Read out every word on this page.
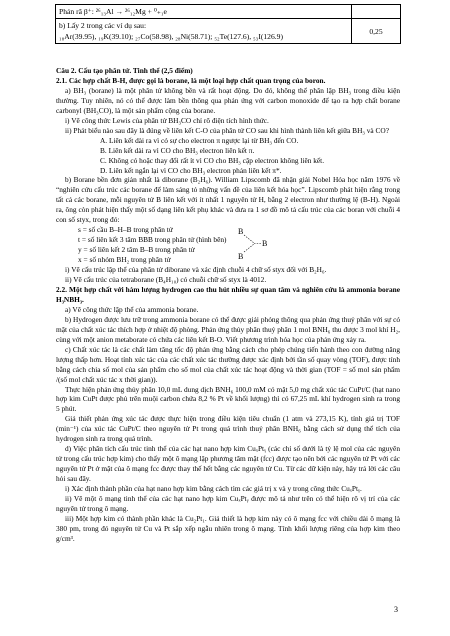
Phản rã β⁺: ²⁶₁₃Al → ²⁶₁₂Mg + ⁰₊₁e	

b) Lấy 2 trong các ví dụ sau:
₁₈Ar(39.95), ₁₉K(39.10); ₂₇Co(58.98), ₂₈Ni(58.71); ₅₂Te(127.6), ₅₃I(126.9)	0,25

Câu 2. Cấu tạo phân tử. Tinh thể (2,5 điểm)

2.1. Các hợp chất B-H, được gọi là borane, là một loại hợp chất quan trọng của boron.

a) BH₃ (borane) là một phân tử không bền và rất hoạt động. Do đó, không thể phân lập BH₃ trong điều kiện thường. Tuy nhiên, nó có thể được làm bền thông qua phản ứng với carbon monoxide để tạo ra hợp chất borane carbonyl (BH₃CO), là một sản phẩm cộng của borane.

i) Vẽ công thức Lewis của phân tử BH₃CO chỉ rõ điện tích hình thức.

ii) Phát biểu nào sau đây là đúng về liên kết C-O của phân tử CO sau khi hình thành liên kết giữa BH₃ và CO?

A. Liên kết dài ra vì có sự cho electron π ngược lại từ BH₃ đến CO.

B. Liên kết dài ra vì CO cho BH₃ electron liên kết π.

C. Không có hoặc thay đổi rất ít vì CO cho BH₃ cặp electron không liên kết.

D. Liên kết ngắn lại vì CO cho BH₃ electron phản liên kết π*.

b) Borane bền đơn giản nhất là diborane (B₂H₆). William Lipscomb đã nhận giải Nobel Hóa học năm 1976 về “nghiên cứu cấu trúc các borane để làm sáng tỏ những vấn đề của liên kết hóa học”. Lipscomb phát hiện rằng trong tất cả các borane, mỗi nguyên tử B liên kết với ít nhất 1 nguyên tử H, bằng 2 electron như thường lệ (B-H). Ngoài ra, ông còn phát hiện thấy một số dạng liên kết phụ khác và đưa ra 1 sơ đồ mô tả cấu trúc của các boran với chuỗi 4 con số styx, trong đó:

s = số cầu B–H–B trong phân tử

t = số liên kết 3 tâm BBB trong phân tử (hình bên)

y = số liên kết 2 tâm B–B trong phân tử

x = số nhóm BH₂ trong phân tử

B
B
B

i) Vẽ cấu trúc lập thể của phân tử diborane và xác định chuỗi 4 chữ số styx đối với B₂H₆.

ii) Vẽ cấu trúc của tetraborane (B₄H₁₀) có chuỗi chữ số styx là 4012.

2.2. Một hợp chất với hàm lượng hydrogen cao thu hút nhiều sự quan tâm và nghiên cứu là ammonia borane H₃NBH₃.

a) Vẽ công thức lập thể của ammonia borane.

b) Hydrogen được lưu trữ trong ammonia borane có thể được giải phóng thông qua phản ứng thuỷ phân với sự có mặt của chất xúc tác thích hợp ở nhiệt độ phòng. Phản ứng thủy phân thuỷ phân 1 mol BNH₆ thu được 3 mol khí H₂, cùng với một anion metaborate có chứa các liên kết B-O. Viết phương trình hóa học của phản ứng xảy ra.

c) Chất xúc tác là các chất làm tăng tốc độ phản ứng bằng cách cho phép chúng tiến hành theo con đường năng lượng thấp hơn. Hoạt tính xúc tác của các chất xúc tác thường được xác định bởi tần số quay vòng (TOF), được tính bằng cách chia số mol của sản phẩm cho số mol của chất xúc tác hoạt động và thời gian (TOF = số mol sản phẩm /(số mol chất xúc tác x thời gian)).

Thực hiện phản ứng thủy phân 10,0 mL dung dịch BNH₆ 100,0 mM có mặt 5,0 mg chất xúc tác CuPt/C (hạt nano hợp kim CuPt được phủ trên muội carbon chứa 8,2 % Pt về khối lượng) thì có 67,25 mL khí hydrogen sinh ra trong 5 phút.

Giả thiết phản ứng xúc tác được thực hiện trong điều kiện tiêu chuẩn (1 atm và 273,15 K), tính giá trị TOF (min⁻¹) của xúc tác CuPt/C theo nguyên tử Pt trong quá trình thuỷ phân BNH₆ bằng cách sử dụng thể tích của hydrogen sinh ra trong quá trình.

d) Việc phân tích cấu trúc tinh thể của các hạt nano hợp kim CuₓPtᵧ (các chỉ số dưới là tỷ lệ mol của các nguyên tử trong cấu trúc hợp kim) cho thấy một ô mạng lập phương tâm mặt (fcc) được tạo nên bởi các nguyên tử Pt với các nguyên tử Pt ở mặt của ô mạng fcc được thay thế hết bằng các nguyên tử Cu. Từ các dữ kiện này, hãy trả lời các câu hỏi sau đây.

i) Xác định thành phần của hạt nano hợp kim bằng cách tìm các giá trị x và y trong công thức CuₓPtᵧ.

ii) Vẽ một ô mạng tinh thể của các hạt nano hợp kim CuₓPtᵧ được mô tả như trên có thể hiện rõ vị trí của các nguyên tử trong ô mạng.

iii) Một hợp kim có thành phần khác là Cu₂Pt₁. Giả thiết là hợp kim này có ô mạng fcc với chiều dài ô mạng là 380 pm, trong đó nguyên tử Cu và Pt sắp xếp ngẫu nhiên trong ô mạng. Tính khối lượng riêng của hợp kim theo g/cm³.

3
